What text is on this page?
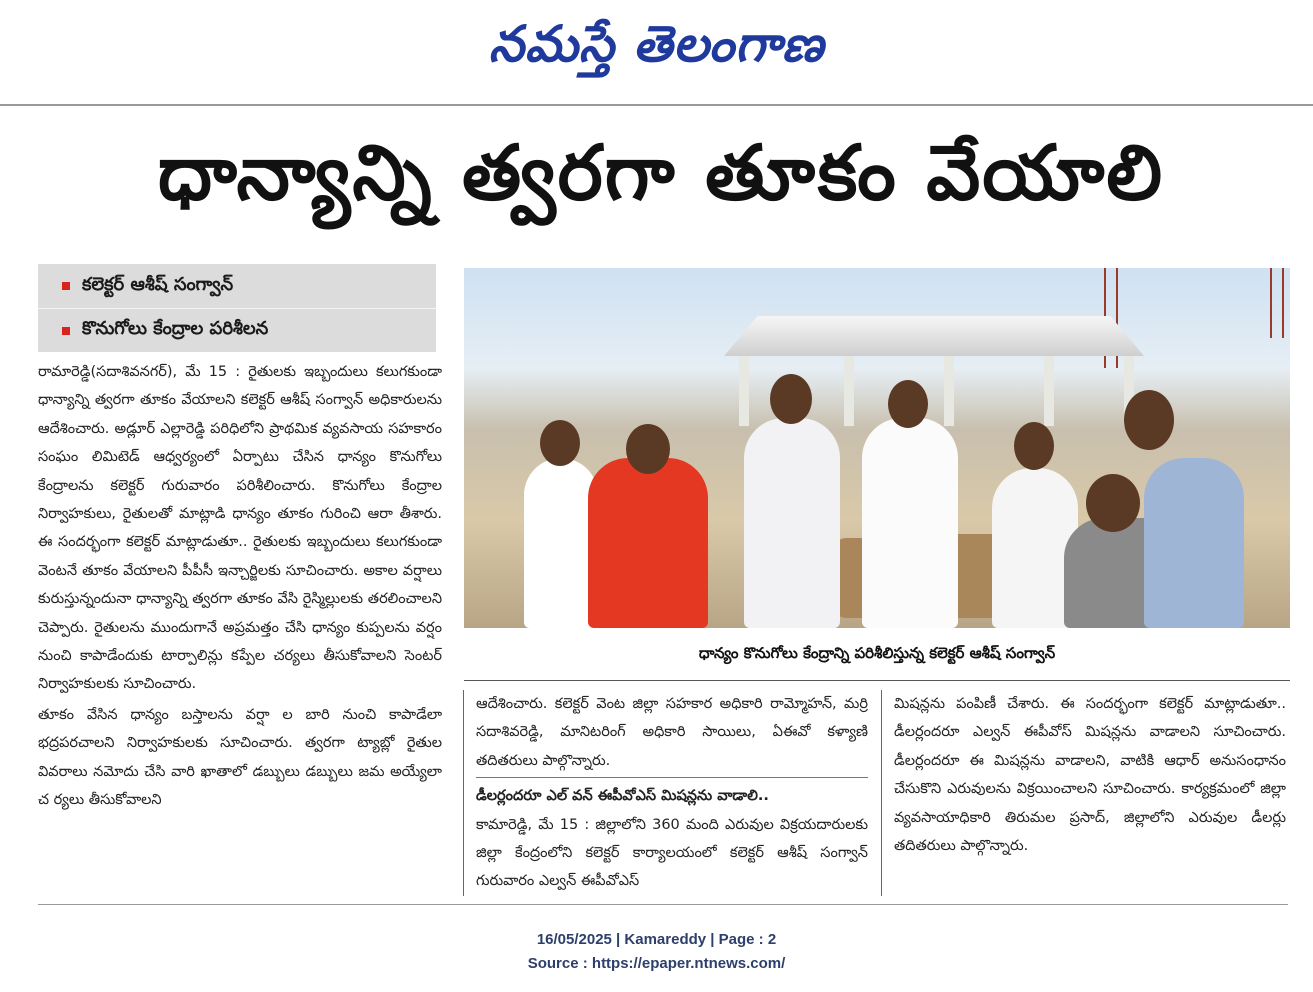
నమస్తే తెలంగాణ
ధాన్యాన్ని త్వరగా తూకం వేయాలి
కలెక్టర్ ఆశీష్ సంగ్వాన్
కొనుగోలు కేంద్రాల పరిశీలన
ధాన్యం కొనుగోలు కేంద్రాన్ని పరిశీలిస్తున్న కలెక్టర్ ఆశీష్ సంగ్వాన్

రామారెడ్డి(సదాశివనగర్), మే 15 : రైతులకు ఇబ్బందులు కలుగకుండా ధాన్యాన్ని త్వరగా తూకం వేయాలని కలెక్టర్ ఆశీష్ సంగ్వాన్ అధికారులను ఆదేశించారు. అడ్లూర్ ఎల్లారెడ్డి పరిధిలోని ప్రాథమిక వ్యవసాయ సహకారం సంఘం లిమిటెడ్ ఆధ్వర్యంలో ఏర్పాటు చేసిన ధాన్యం కొనుగోలు కేంద్రాలను కలెక్టర్ గురువారం పరిశీలించారు. కొనుగోలు కేంద్రాల నిర్వాహకులు, రైతులతో మాట్లాడి ధాన్యం తూకం గురించి ఆరా తీశారు. ఈ సందర్భంగా కలెక్టర్ మాట్లాడుతూ.. రైతులకు ఇబ్బందులు కలుగకుండా వెంటనే తూకం వేయాలని పీపీసీ ఇన్చార్జిలకు సూచించారు. అకాల వర్షాలు కురుస్తున్నందునా ధాన్యాన్ని త్వరగా తూకం వేసి రైస్మిల్లులకు తరలించాలని చెప్పారు. రైతులను ముందుగానే అప్రమత్తం చేసి ధాన్యం కుప్పలను వర్షం నుంచి కాపాడేందుకు టార్పాలిన్లు కప్పేల చర్యలు తీసుకోవాలని సెంటర్ నిర్వాహకులకు సూచించారు.

తూకం వేసిన ధాన్యం బస్తాలను వర్షా ల బారి నుంచి కాపాడేలా భద్రపరచాలని నిర్వాహకులకు సూచించారు. త్వరగా ట్యాబ్లో రైతుల వివరాలు నమోదు చేసి వారి ఖాతాలో డబ్బులు డబ్బులు జమ అయ్యేలా చ ర్యలు తీసుకోవాలని

ఆదేశించారు. కలెక్టర్ వెంట జిల్లా సహకార అధికారి రామ్మోహన్, మర్రి సదాశివరెడ్డి, మానిటరింగ్ అధికారి సాయిలు, ఏఈవో కళ్యాణి తదితరులు పాల్గొన్నారు.

డీలర్లందరూ ఎల్ వన్ ఈపీవోఎస్ మిషన్లను వాడాలి..

కామారెడ్డి, మే 15 : జిల్లాలోని 360 మంది ఎరువుల విక్రయదారులకు జిల్లా కేంద్రంలోని కలెక్టర్ కార్యాలయంలో కలెక్టర్ ఆశీష్ సంగ్వాన్ గురువారం ఎల్వన్ ఈపీవోఎస్

మిషన్లను పంపిణీ చేశారు. ఈ సందర్భంగా కలెక్టర్ మాట్లాడుతూ.. డీలర్లందరూ ఎల్వన్ ఈపీవోస్ మిషన్లను వాడాలని సూచించారు. డీలర్లందరూ ఈ మిషన్లను వాడాలని, వాటికి ఆధార్ అనుసంధానం చేసుకొని ఎరువులను విక్రయించాలని సూచించారు. కార్యక్రమంలో జిల్లా వ్యవసాయాధికారి తిరుమల ప్రసాద్, జిల్లాలోని ఎరువుల డీలర్లు తదితరులు పాల్గొన్నారు.

16/05/2025 | Kamareddy | Page : 2
Source : https://epaper.ntnews.com/
